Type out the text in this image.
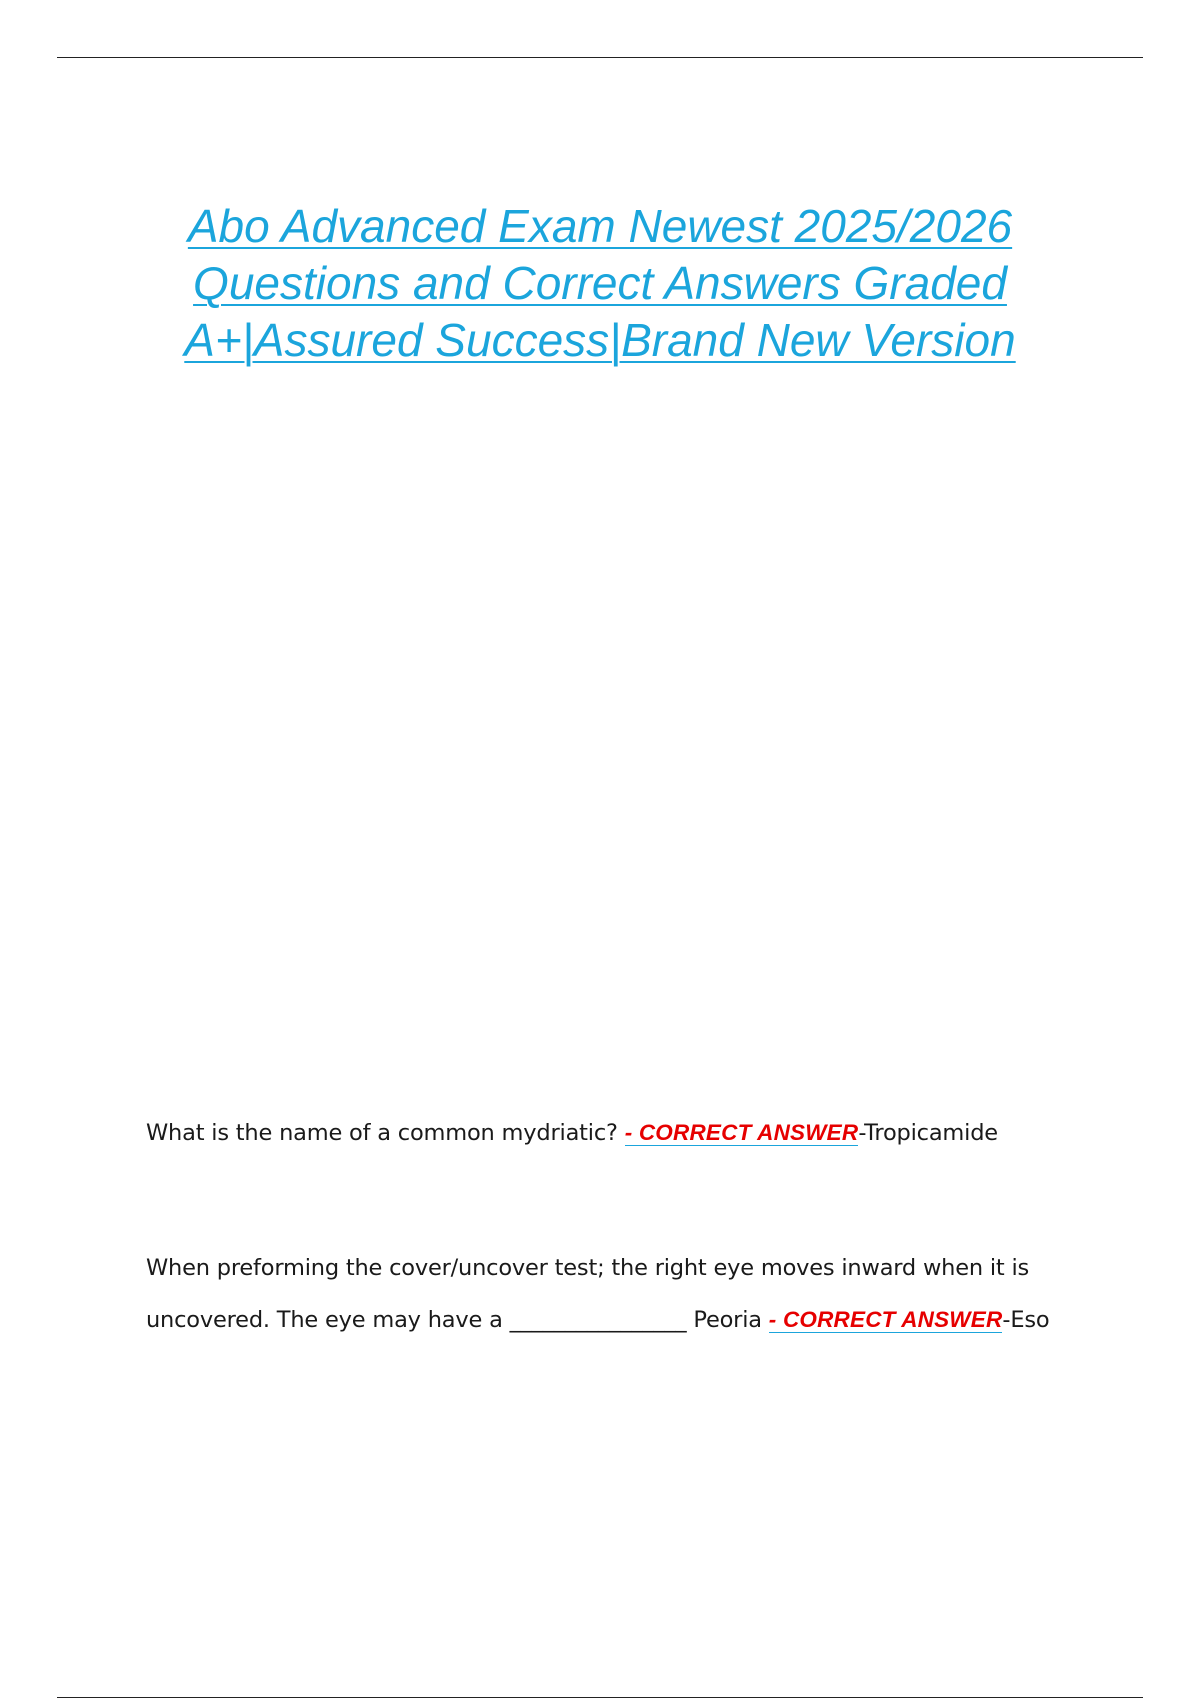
Abo Advanced Exam Newest 2025/2026
Questions and Correct Answers Graded
A+|Assured Success|Brand New Version

What is the name of a common mydriatic? - CORRECT ANSWER-Tropicamide

When preforming the cover/uncover test; the right eye moves inward when it is uncovered. The eye may have a ________________ Peoria - CORRECT ANSWER-Eso
